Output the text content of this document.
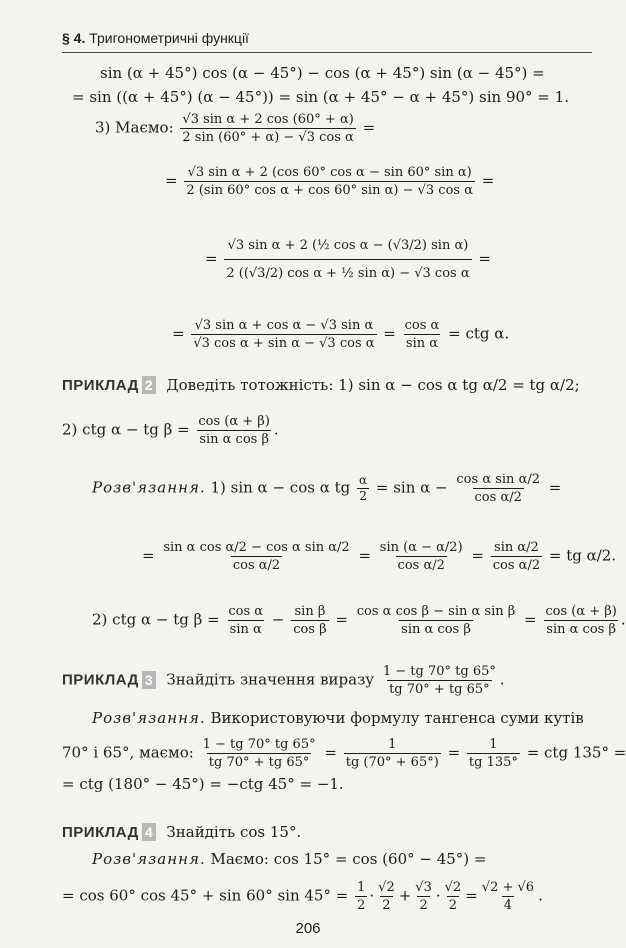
§ 4. Тригонометричні функції
sin (α + 45°) cos (α − 45°) − cos (α + 45°) sin (α − 45°) =
= sin ((α + 45°) (α − 45°)) = sin (α + 45° − α + 45°) sin 90° = 1.
3) Маємо: $\frac{\text{√3 sin α + 2 cos (60° + α)}}{\text{2 sin (60° + α) − √3 cos α}}$ =
= $\frac{\text{√3 sin α + 2 (cos 60° cos α − sin 60° sin α)}}{\text{2 (sin 60° cos α + cos 60° sin α) − √3 cos α}}$ =
= $\frac{\text{√3 sin α + 2 (½ cos α − (√3/2) sin α)}}{\text{2 ((√3/2) cos α + ½ sin α) − √3 cos α}}$ =
= $\frac{\text{√3 sin α + cos α − √3 sin α}}{\text{√3 cos α + sin α − √3 cos α}} = \frac{\text{cos α}}{\text{sin α}}$ = ctg α.
ПРИКЛАД 2 Доведіть тотожність: 1) sin α − cos α tg α/2 = tg α/2;
2) ctg α − tg $\beta = \frac{\cos (\alpha + \beta)}{\text{sin α cos β}}$ .
Розв'язання. 1) sin α − cos α tg $\frac{\alpha}{2} = \sin \alpha - \frac{\text{cos α sin α/2}}{\text{cos α/2}}$ =
= $\frac{\text{sin α cos α/2 − cos α sin α/2}}{\text{cos α/2}} = \frac{\sin (\alpha - \alpha/2)}{\text{cos α/2}} = \frac{\text{sin α/2}}{\text{cos α/2}}$ = tg α/2.
2) ctg α − tg $\beta = \frac{\text{cos α}}{\text{sin α}} - \frac{\text{sin β}}{\text{cos β}} = \frac{\text{cos α cos β − sin α sin β}}{\text{sin α cos β}} = \frac{\cos (\alpha + \beta)}{\text{sin α cos β}}$ .
ПРИКЛАД 3 Знайдіть значення виразу $\frac{1 - tg 70^\circ tg 65^\circ}{tg 70^\circ + tg 65^\circ}$ .
Розв'язання. Використовуючи формулу тангенса суми кутів
70° і 65°, маємо: $\frac{1 - tg 70^\circ tg 65^\circ}{tg 70^\circ + tg 65^\circ} = \frac{1}{tg (70^\circ + 65^\circ)} = \frac{1}{tg 135^\circ}$ = ctg 135° =
= ctg (180° − 45°) = −ctg 45° = −1.
ПРИКЛАД 4 Знайдіть cos 15°.
Розв'язання. Маємо: cos 15° = cos (60° − 45°) =
= cos 60° cos 45° + sin 60° $\sin 45^\circ = \frac{1}{2} \cdot \frac{√2}{2} + \frac{√3}{2} \cdot \frac{√2}{2} = \frac{√2 + √6}{4}$ .
206
